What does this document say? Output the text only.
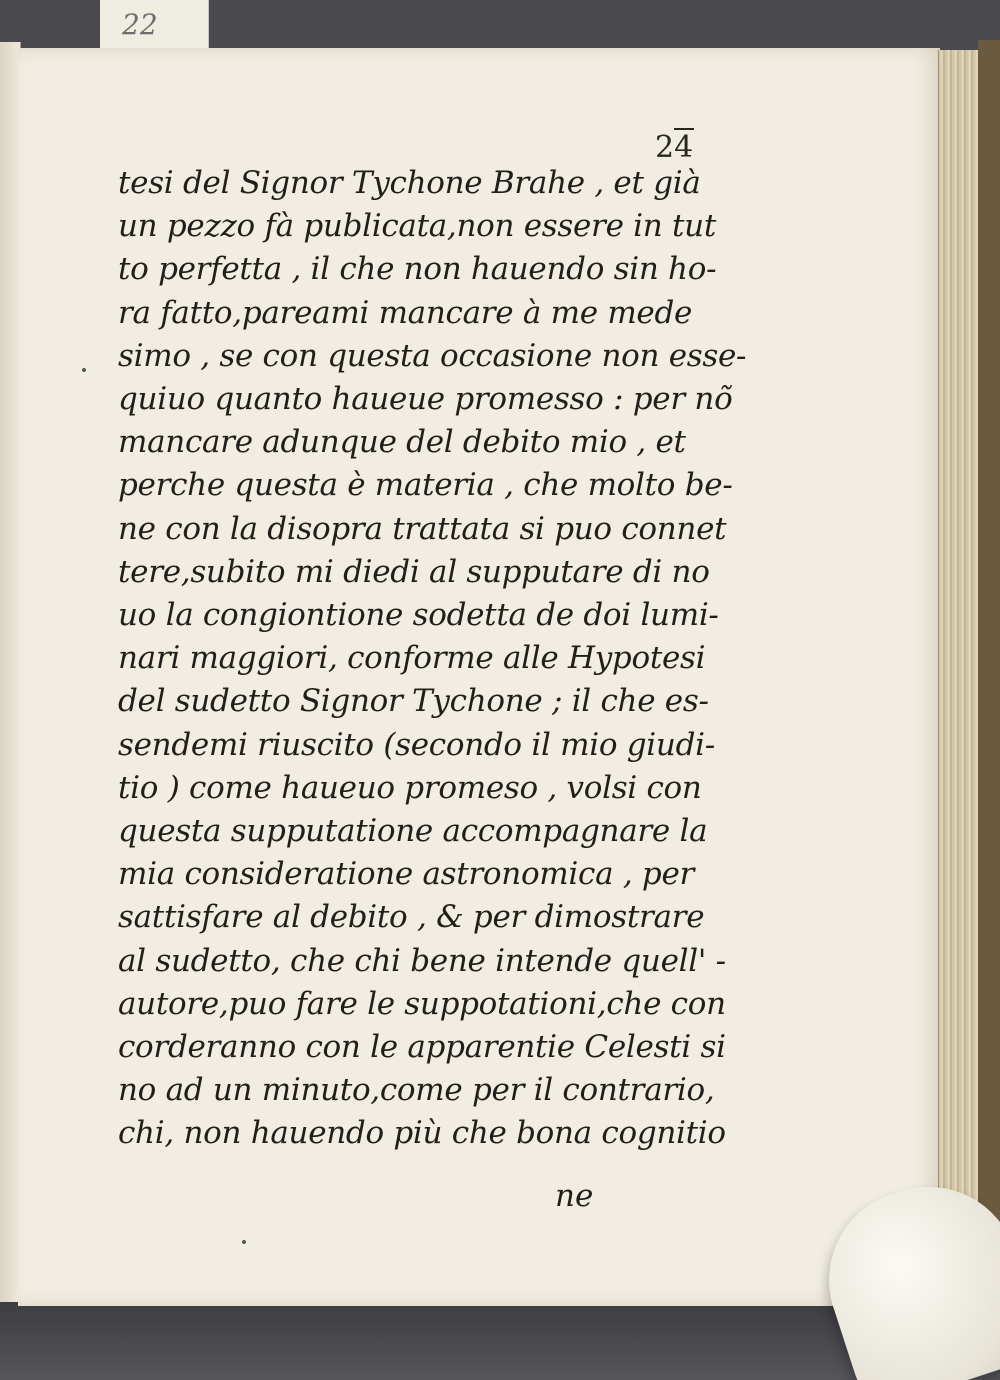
22
24
tesi del Signor Tychone Brahe , et già
un pezzo fà publicata,non essere in tut
to perfetta , il che non hauendo sin ho-
ra fatto,pareami mancare à me mede
simo , se con questa occasione non esse-
quiuo quanto haueue promesso : per nõ
mancare adunque del debito mio , et
perche questa è materia , che molto be-
ne con la disopra trattata si puo connet
tere,subito mi diedi al supputare di no
uo la congiontione sodetta de doi lumi-
nari maggiori, conforme alle Hypotesi
del sudetto Signor Tychone ; il che es-
sendemi riuscito (secondo il mio giudi-
tio ) come haueuo promeso , volsi con
questa supputatione accompagnare la
mia consideratione astronomica , per
sattisfare al debito , & per dimostrare
al sudetto, che chi bene intende quell' -
autore,puo fare le suppotationi,che con
corderanno con le apparentie Celesti si
no ad un minuto,come per il contrario,
chi, non hauendo più che bona cognitio
ne
